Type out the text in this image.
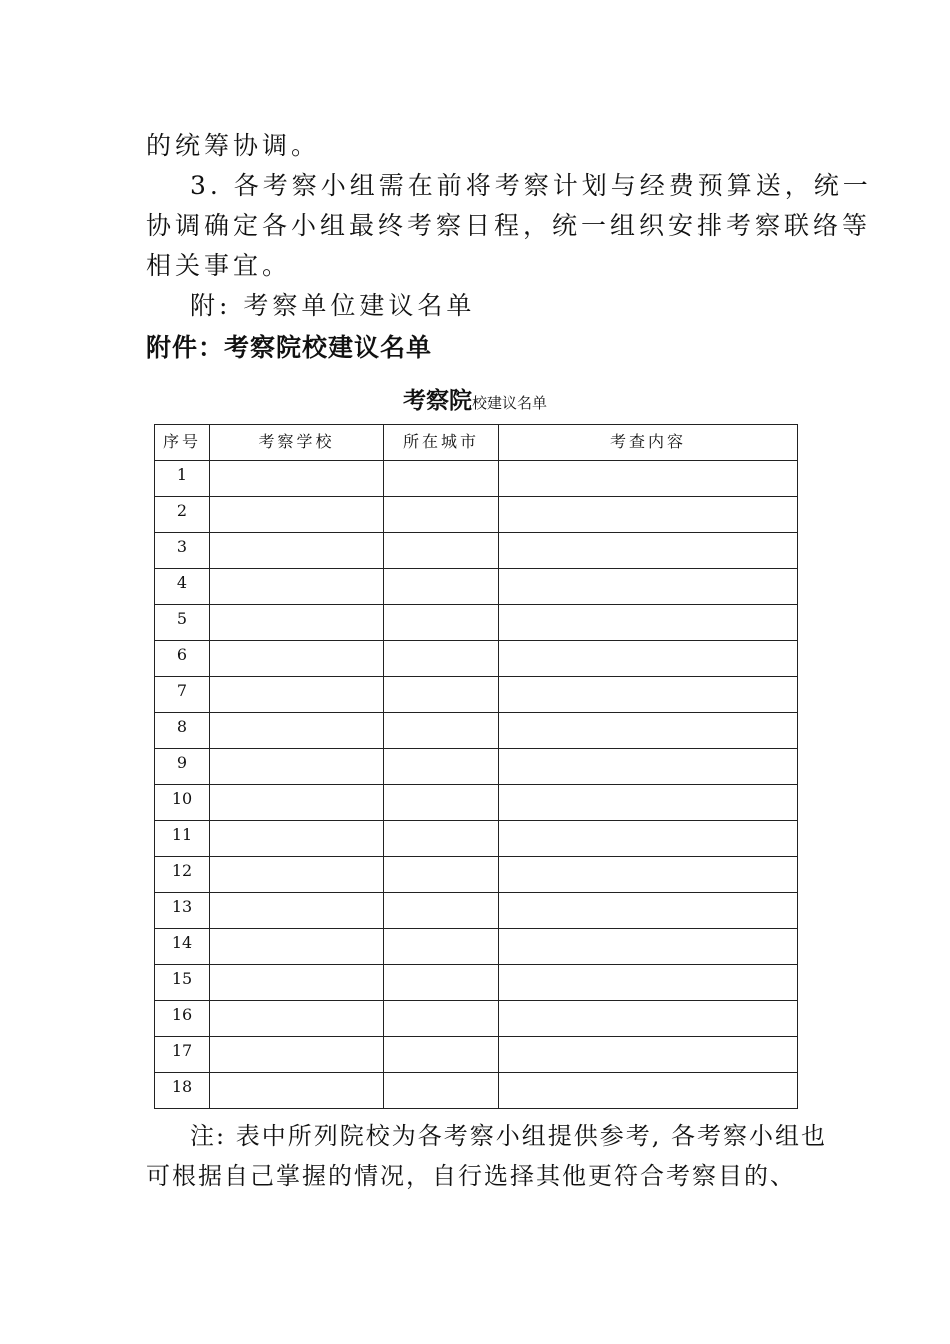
的统筹协调。
3. 各考察小组需在前将考察计划与经费预算送，统一
协调确定各小组最终考察日程，统一组织安排考察联络等
相关事宜。
附: 考察单位建议名单
附件：考察院校建议名单
考察院校建议名单
序号	考察学校	所在城市	考查内容
1			
2			
3			
4			
5			
6			
7			
8			
9			
10			
11			
12			
13			
14			
15			
16			
17			
18			
注: 表中所列院校为各考察小组提供参考, 各考察小组也
可根据自己掌握的情况，自行选择其他更符合考察目的、
